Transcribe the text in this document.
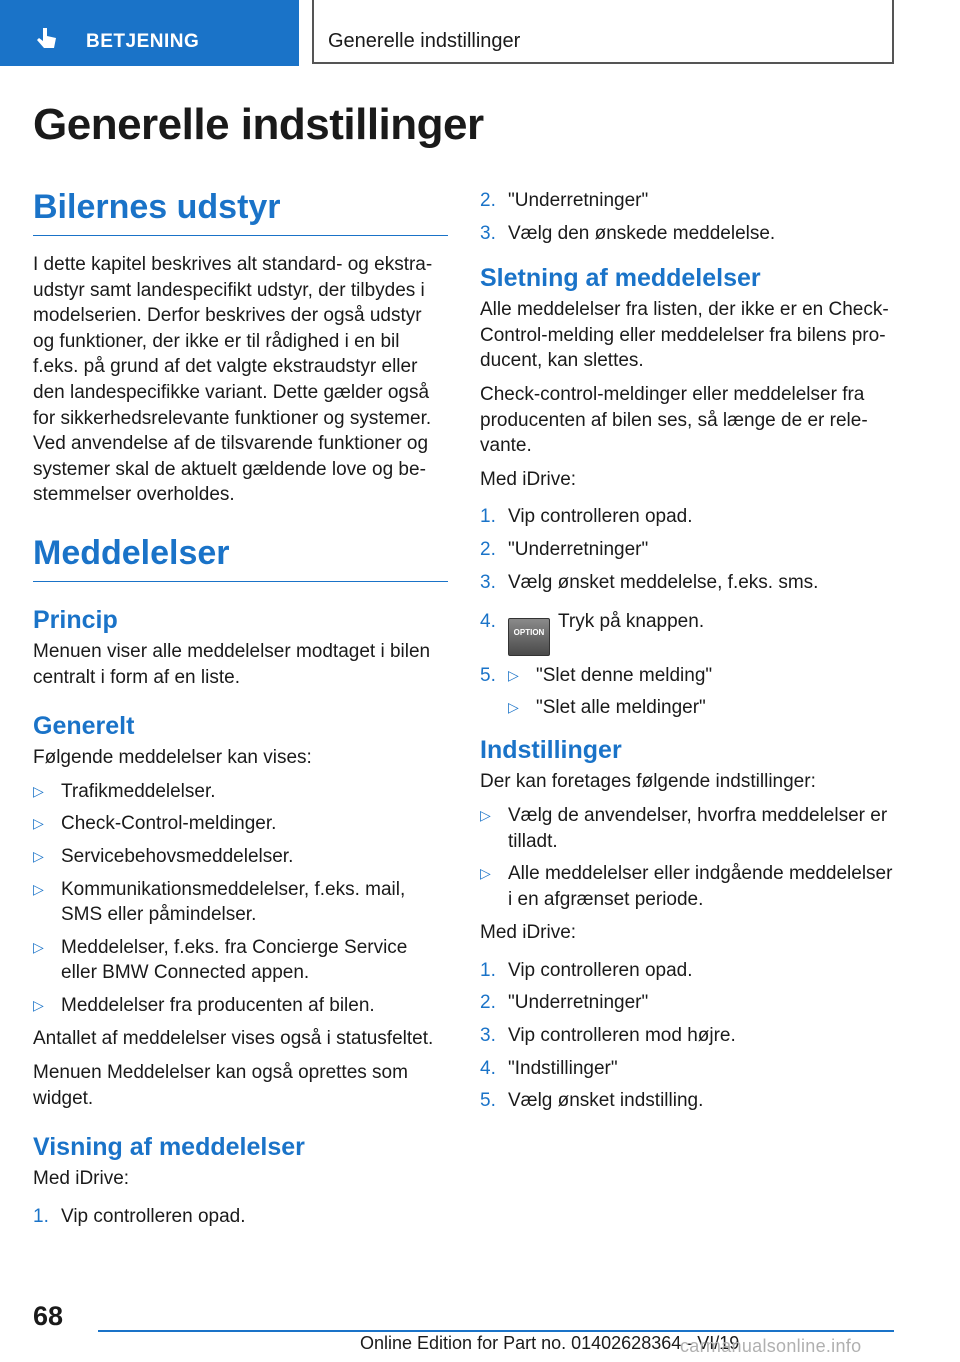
BETJENING	Generelle indstillinger
Generelle indstillinger
Bilernes udstyr

I dette kapitel beskrives alt standard- og ekstraudstyr samt landespecifikt udstyr, der tilbydes i modelserien. Derfor beskrives der også udstyr og funktioner, der ikke er til rådighed i en bil f.eks. på grund af det valgte ekstraudstyr eller den landespecifikke variant. Dette gælder også for sikkerhedsrelevante funktioner og systemer. Ved anvendelse af de tilsvarende funktioner og systemer skal de aktuelt gældende love og bestemmelser overholdes.

Meddelelser
Princip

Menuen viser alle meddelelser modtaget i bilen centralt i form af en liste.

Generelt

Følgende meddelelser kan vises:

▷ Trafikmeddelelser.
▷ Check-Control-meldinger.
▷ Servicebehovsmeddelelser.
▷ Kommunikationsmeddelelser, f.eks. mail, SMS eller påmindelser.
▷ Meddelelser, f.eks. fra Concierge Service eller BMW Connected appen.
▷ Meddelelser fra producenten af bilen.

Antallet af meddelelser vises også i statusfeltet.

Menuen Meddelelser kan også oprettes som widget.

Visning af meddelelser

Med iDrive:

1. Vip controlleren opad.
2. "Underretninger"
3. Vælg den ønskede meddelelse.
Sletning af meddelelser

Alle meddelelser fra listen, der ikke er en Check-Control-melding eller meddelelser fra bilens producent, kan slettes.

Check-control-meldinger eller meddelelser fra producenten af bilen ses, så længe de er relevante.

Med iDrive:

1. Vip controlleren opad.
2. "Underretninger"
3. Vælg ønsket meddelelse, f.eks. sms.
4.
OPTIONTryk på knappen.
5. ▷ "Slet denne melding"
▷ "Slet alle meldinger"
Indstillinger

Der kan foretages følgende indstillinger:

▷ Vælg de anvendelser, hvorfra meddelelser er tilladt.
▷ Alle meddelelser eller indgående meddelelser i en afgrænset periode.

Med iDrive:

1. Vip controlleren opad.
2. "Underretninger"
3. Vip controlleren mod højre.
4. "Indstillinger"
5. Vælg ønsket indstilling.
68
Online Edition for Part no. 01402628364 - VI/19
carmanualsonline.info
